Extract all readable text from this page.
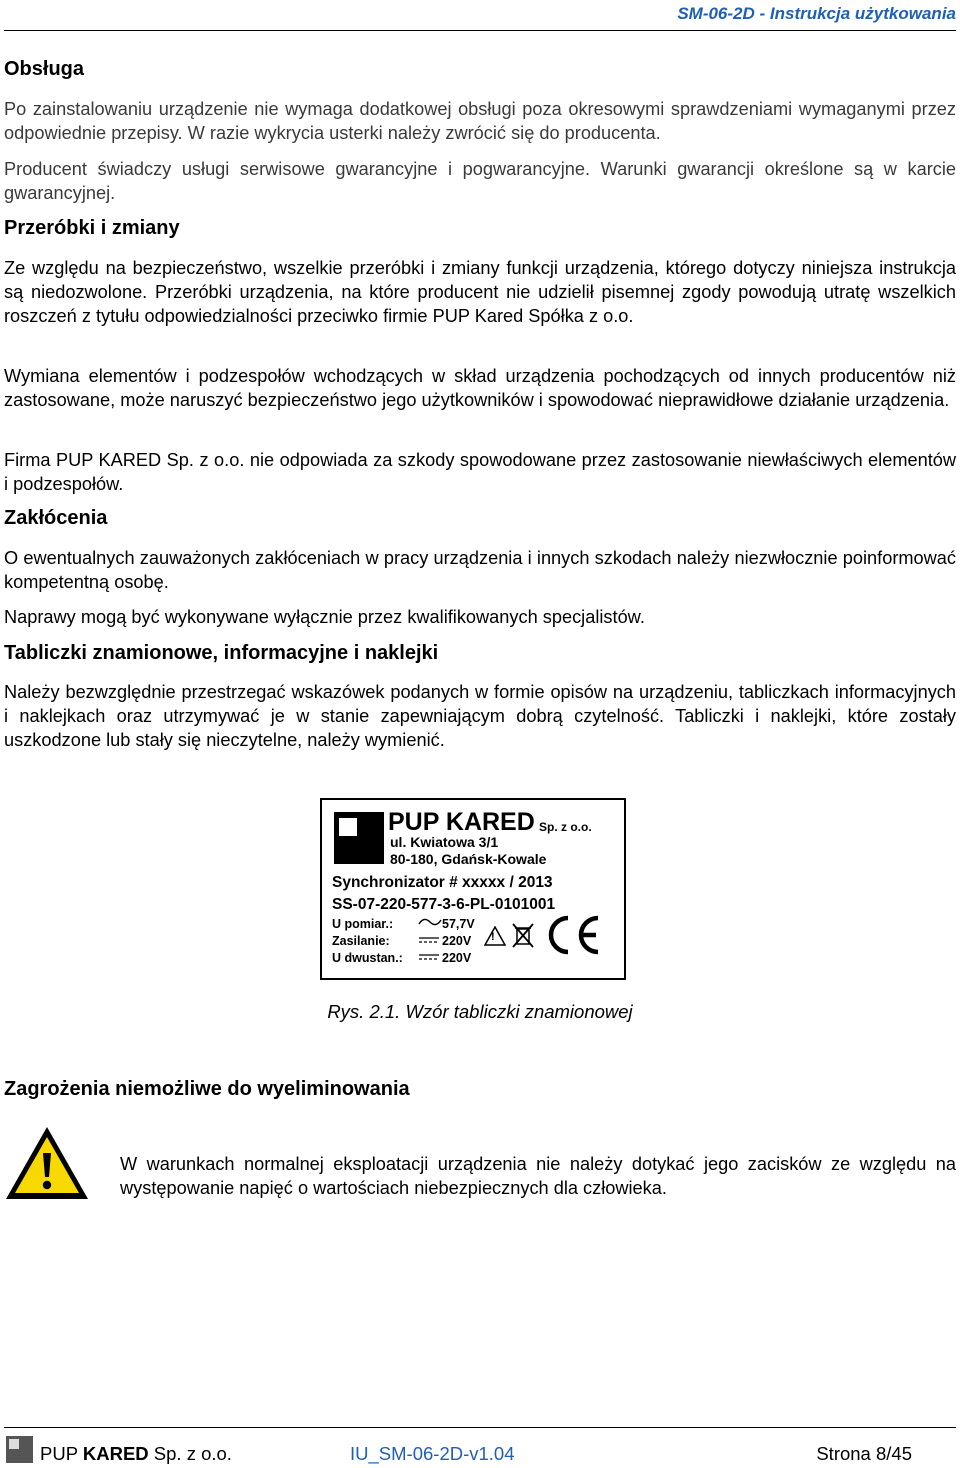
SM-06-2D - Instrukcja użytkowania
Obsługa

Po zainstalowaniu urządzenie nie wymaga dodatkowej obsługi poza okresowymi sprawdzeniami wymaganymi przez odpowiednie przepisy. W razie wykrycia usterki należy zwrócić się do producenta.

Producent świadczy usługi serwisowe gwarancyjne i pogwarancyjne. Warunki gwarancji określone są w karcie gwarancyjnej.

Przeróbki i zmiany

Ze względu na bezpieczeństwo, wszelkie przeróbki i zmiany funkcji urządzenia, którego dotyczy niniejsza instrukcja są niedozwolone. Przeróbki urządzenia, na które producent nie udzielił pisemnej zgody powodują utratę wszelkich roszczeń z tytułu odpowiedzialności przeciwko firmie PUP Kared Spółka z o.o.

Wymiana elementów i podzespołów wchodzących w skład urządzenia pochodzących od innych producentów niż zastosowane, może naruszyć bezpieczeństwo jego użytkowników i spowodować nieprawidłowe działanie urządzenia.

Firma PUP KARED Sp. z o.o. nie odpowiada za szkody spowodowane przez zastosowanie niewłaściwych elementów i podzespołów.

Zakłócenia

O ewentualnych zauważonych zakłóceniach w pracy urządzenia i innych szkodach należy niezwłocznie poinformować kompetentną osobę.

Naprawy mogą być wykonywane wyłącznie przez kwalifikowanych specjalistów.

Tabliczki znamionowe, informacyjne i naklejki

Należy bezwzględnie przestrzegać wskazówek podanych w formie opisów na urządzeniu, tabliczkach informacyjnych i naklejkach oraz utrzymywać je w stanie zapewniającym dobrą czytelność. Tabliczki i naklejki, które zostały uszkodzone lub stały się nieczytelne, należy wymienić.

PUP KARED Sp. z o.o.
ul. Kwiatowa 3/1
80-180, Gdańsk-Kowale
Synchronizator # xxxxx / 2013
SS-07-220-577-3-6-PL-0101001
U pomiar.:	57,7V
Zasilanie:	220V
U dwustan.:	220V
!
Rys. 2.1. Wzór tabliczki znamionowej
Zagrożenia niemożliwe do wyeliminowania

W warunkach normalnej eksploatacji urządzenia nie należy dotykać jego zacisków ze względu na występowanie napięć o wartościach niebezpiecznych dla człowieka.

PUP KARED Sp. z o.o.	IU_SM-06-2D-v1.04	Strona 8/45
